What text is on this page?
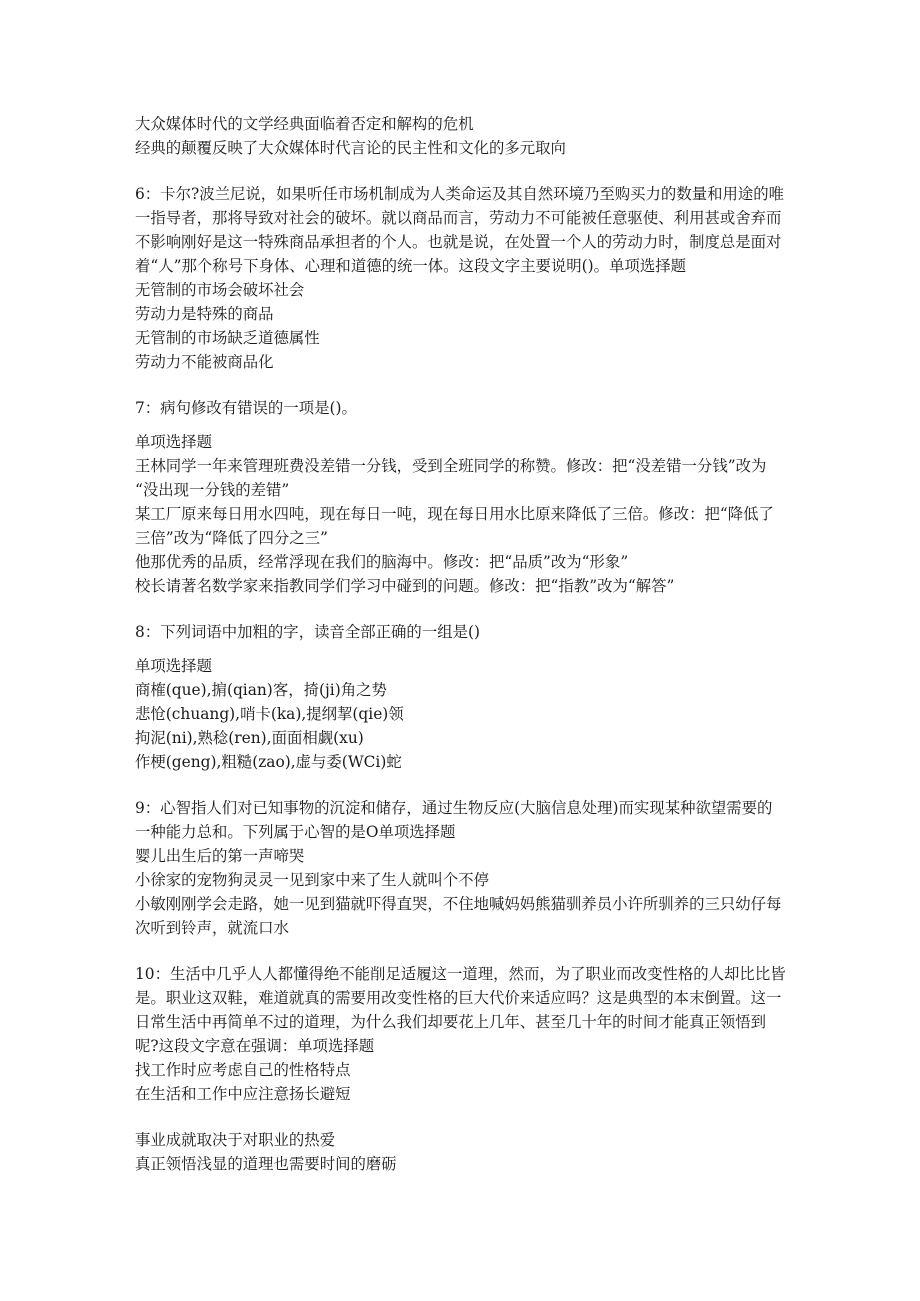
大众媒体时代的文学经典面临着否定和解构的危机
经典的颠覆反映了大众媒体时代言论的民主性和文化的多元取向
6：卡尔?波兰尼说，如果听任市场机制成为人类命运及其自然环境乃至购买力的数量和用途的唯
一指导者，那将导致对社会的破坏。就以商品而言，劳动力不可能被任意驱使、利用甚或舍弃而
不影响刚好是这一特殊商品承担者的个人。也就是说，在处置一个人的劳动力时，制度总是面对
着“人”那个称号下身体、心理和道德的统一体。这段文字主要说明()。单项选择题
无管制的市场会破坏社会
劳动力是特殊的商品
无管制的市场缺乏道德属性
劳动力不能被商品化
7：病句修改有错误的一项是()。
单项选择题
王林同学一年来管理班费没差错一分钱，受到全班同学的称赞。修改：把“没差错一分钱”改为
“没出现一分钱的差错”
某工厂原来每日用水四吨，现在每日一吨，现在每日用水比原来降低了三倍。修改：把“降低了
三倍”改为“降低了四分之三”
他那优秀的品质，经常浮现在我们的脑海中。修改：把“品质”改为“形象”
校长请著名数学家来指教同学们学习中碰到的问题。修改：把“指教”改为“解答”
8：下列词语中加粗的字，读音全部正确的一组是()
单项选择题
商榷(que),掮(qian)客，掎(ji)角之势
悲怆(chuang),哨卡(ka),提纲挈(qie)领
拘泥(ni),熟稔(ren),面面相觑(xu)
作梗(geng),粗糙(zao),虚与委(WCi)蛇
9：心智指人们对已知事物的沉淀和储存，通过生物反应(大脑信息处理)而实现某种欲望需要的
一种能力总和。下列属于心智的是O单项选择题
婴儿出生后的第一声啼哭
小徐家的宠物狗灵灵一见到家中来了生人就叫个不停
小敏刚刚学会走路，她一见到猫就吓得直哭，不住地喊妈妈熊猫驯养员小许所驯养的三只幼仔每
次听到铃声，就流口水
10：生活中几乎人人都懂得绝不能削足适履这一道理，然而，为了职业而改变性格的人却比比皆
是。职业这双鞋，难道就真的需要用改变性格的巨大代价来适应吗？这是典型的本末倒置。这一
日常生活中再简单不过的道理，为什么我们却要花上几年、甚至几十年的时间才能真正领悟到
呢?这段文字意在强调：单项选择题
找工作时应考虑自己的性格特点
在生活和工作中应注意扬长避短
事业成就取决于对职业的热爱
真正领悟浅显的道理也需要时间的磨砺
